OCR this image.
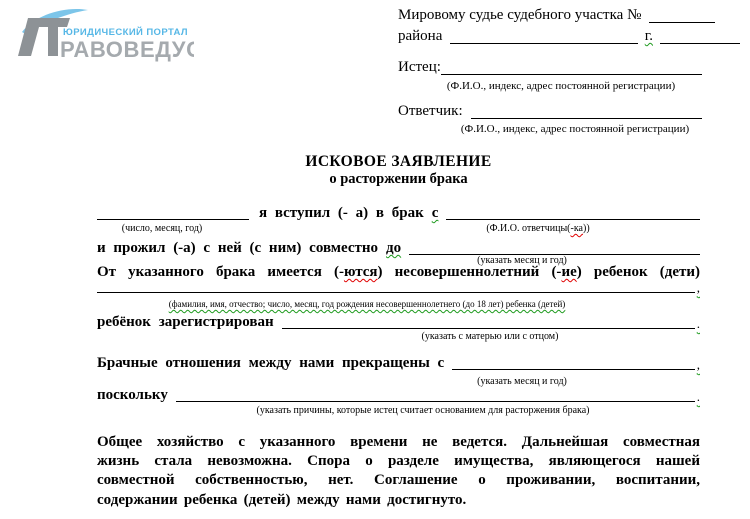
ЮРИДИЧЕСКИЙ ПОРТАЛ
РАВОВЕДУС
Мировому судье судебного участка №
района	г.
Истец:
(Ф.И.О., индекс, адрес постоянной регистрации)
Ответчик:
(Ф.И.О., индекс, адрес постоянной регистрации)
ИСКОВОЕ ЗАЯВЛЕНИЕ
о расторжении брака
я вступил (- а) в брак с
(число, месяц, год)	(Ф.И.О. ответчицы(-ка))
и прожил (-а) с ней (с ним) совместно до
(указать месяц и год)
От указанного брака имеется (-ются) несовершеннолетний (-ие) ребенок (дети)
,
(фамилия, имя, отчество; число, месяц, год рождения несовершеннолетнего (до 18 лет) ребенка (детей)
ребёнок зарегистрирован	.
(указать с матерью или с отцом)
Брачные отношения между нами прекращены с	,
(указать месяц и год)
поскольку	.
(указать причины, которые истец считает основанием для расторжения брака)
Общее хозяйство с указанного времени не ведется. Дальнейшая совместная
жизнь стала невозможна. Спора о разделе имущества, являющегося нашей
совместной собственностью, нет. Соглашение о проживании, воспитании,
содержании ребенка (детей) между нами достигнуто.
